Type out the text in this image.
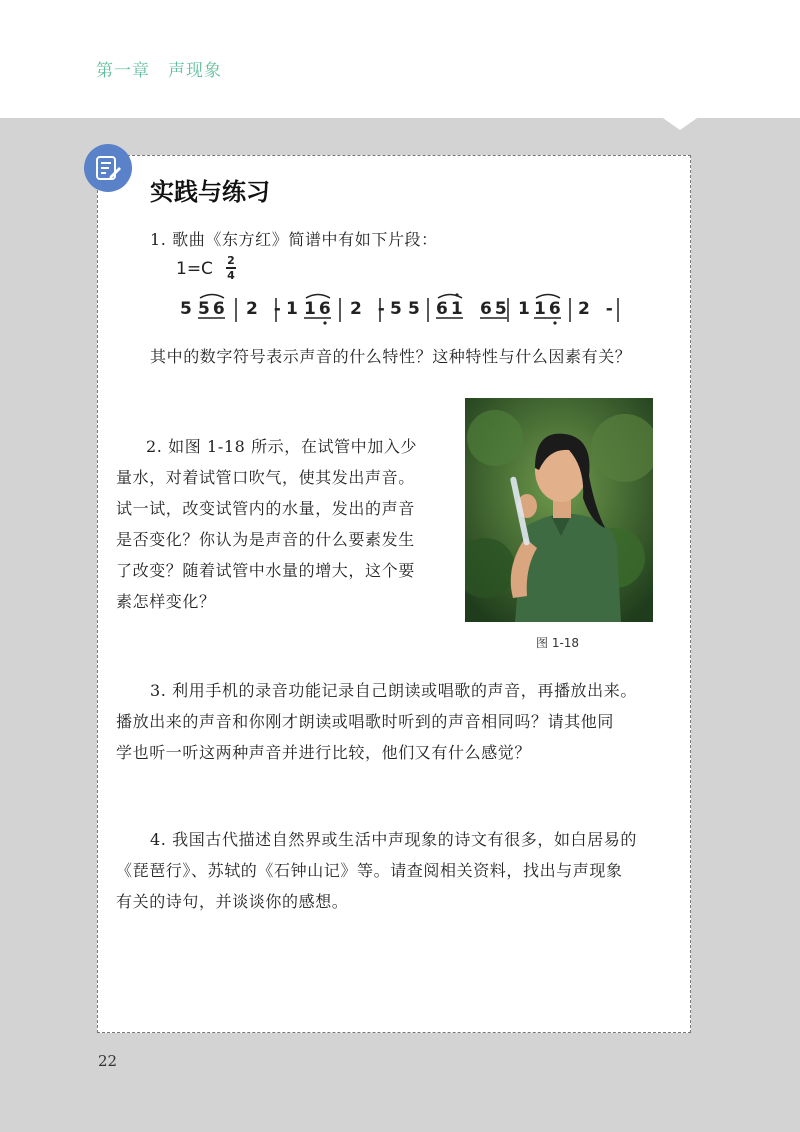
第一章　声现象
实践与练习
1. 歌曲《东方红》简谱中有如下片段：
1=C 2
4
5 56 2 - 1 16 2 - 5 5 61 65 1 16 2 -
其中的数字符号表示声音的什么特性？这种特性与什么因素有关？
2. 如图 1-18 所示，在试管中加入少
量水，对着试管口吹气，使其发出声音。
试一试，改变试管内的水量，发出的声音
是否变化？你认为是声音的什么要素发生
了改变？随着试管中水量的增大，这个要
素怎样变化？
图 1-18
3. 利用手机的录音功能记录自己朗读或唱歌的声音，再播放出来。
播放出来的声音和你刚才朗读或唱歌时听到的声音相同吗？请其他同
学也听一听这两种声音并进行比较，他们又有什么感觉？
4. 我国古代描述自然界或生活中声现象的诗文有很多，如白居易的
《琵琶行》、苏轼的《石钟山记》等。请查阅相关资料，找出与声现象
有关的诗句，并谈谈你的感想。
22
